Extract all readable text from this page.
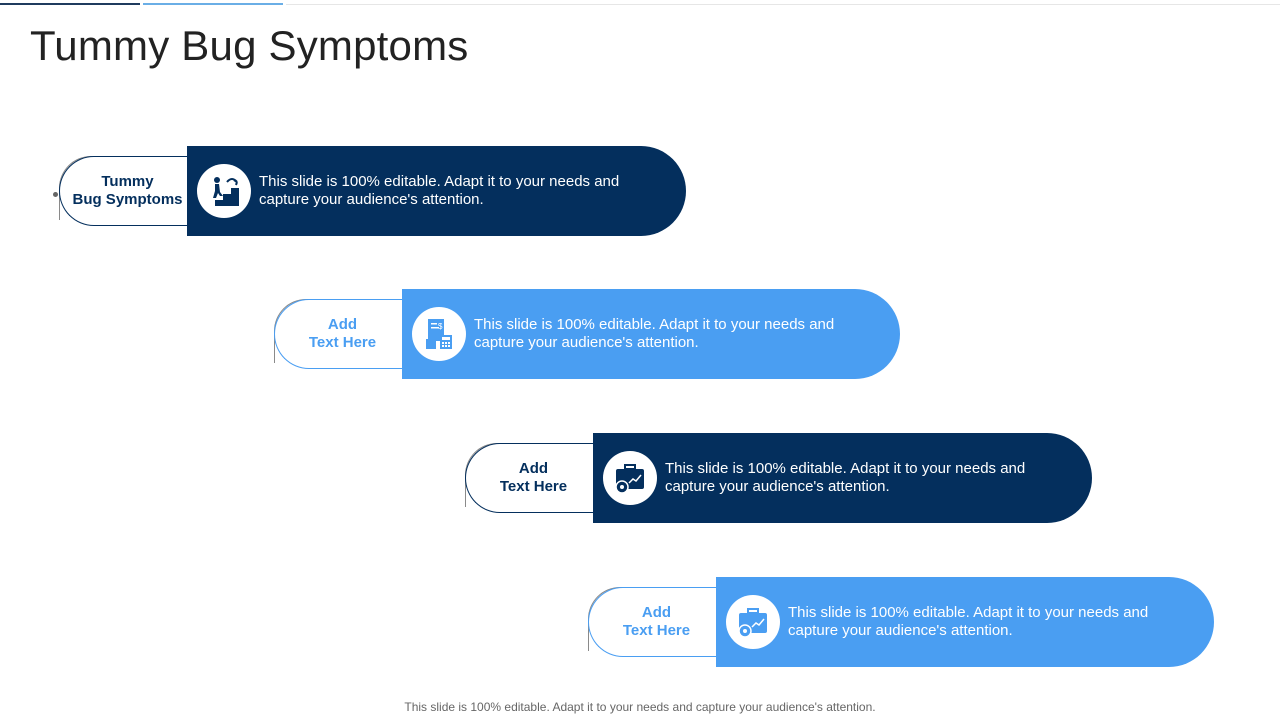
Tummy Bug Symptoms
Tummy
Bug Symptoms
This slide is 100% editable. Adapt it to your needs and
capture your audience's attention.
Add
Text Here
$ This slide is 100% editable. Adapt it to your needs and
capture your audience's attention.
Add
Text Here
This slide is 100% editable. Adapt it to your needs and
capture your audience's attention.
Add
Text Here
This slide is 100% editable. Adapt it to your needs and
capture your audience's attention.
This slide is 100% editable. Adapt it to your needs and capture your audience's attention.
